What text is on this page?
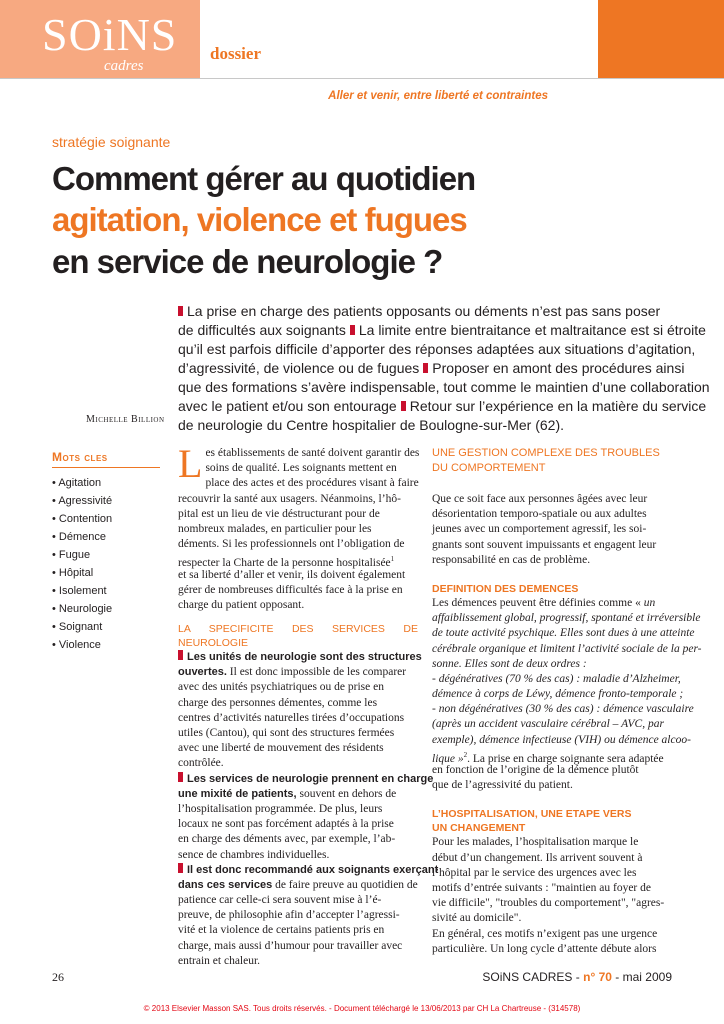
SOiNS
cadres
dossier
Aller et venir, entre liberté et contraintes
stratégie soignante
Comment gérer au quotidien
agitation, violence et fugues
en service de neurologie ?
La prise en charge des patients opposants ou déments n’est pas sans poser
de difficultés aux soignants La limite entre bientraitance et maltraitance est si étroite
qu’il est parfois difficile d’apporter des réponses adaptées aux situations d’agitation,
d’agressivité, de violence ou de fugues Proposer en amont des procédures ainsi
que des formations s’avère indispensable, tout comme le maintien d’une collaboration
avec le patient et/ou son entourage Retour sur l’expérience en la matière du service
de neurologie du Centre hospitalier de Boulogne-sur-Mer (62).
Michelle Billion
Mots cles
• Agitation
• Agressivité
• Contention
• Démence
• Fugue
• Hôpital
• Isolement
• Neurologie
• Soignant
• Violence
L es établissements de santé doivent garantir des
soins de qualité. Les soignants mettent en
place des actes et des procédures visant à faire
recouvrir la santé aux usagers. Néanmoins, l’hô-
pital est un lieu de vie déstructurant pour de
nombreux malades, en particulier pour les
déments. Si les professionnels ont l’obligation de
respecter la Charte de la personne hospitalisée$^1$
et sa liberté d’aller et venir, ils doivent également
gérer de nombreuses difficultés face à la prise en
charge du patient opposant.
LA SPECIFICITE DES SERVICES DE NEUROLOGIE
Les unités de neurologie sont des structures
ouvertes. Il est donc impossible de les comparer
avec des unités psychiatriques ou de prise en
charge des personnes démentes, comme les
centres d’activités naturelles tirées d’occupations
utiles (Cantou), qui sont des structures fermées
avec une liberté de mouvement des résidents
contrôlée.
Les services de neurologie prennent en charge
une mixité de patients, souvent en dehors de
l’hospitalisation programmée. De plus, leurs
locaux ne sont pas forcément adaptés à la prise
en charge des déments avec, par exemple, l’ab-
sence de chambres individuelles.
Il est donc recommandé aux soignants exerçant
dans ces services de faire preuve au quotidien de
patience car celle-ci sera souvent mise à l’é-
preuve, de philosophie afin d’accepter l’agressi-
vité et la violence de certains patients pris en
charge, mais aussi d’humour pour travailler avec
entrain et chaleur.
UNE GESTION COMPLEXE DES TROUBLES
DU COMPORTEMENT
Que ce soit face aux personnes âgées avec leur
désorientation temporo-spatiale ou aux adultes
jeunes avec un comportement agressif, les soi-
gnants sont souvent impuissants et engagent leur
responsabilité en cas de problème.
DEFINITION DES DEMENCES
Les démences peuvent être définies comme « un
affaiblissement global, progressif, spontané et irréversible
de toute activité psychique. Elles sont dues à une atteinte
cérébrale organique et limitent l’activité sociale de la per-
sonne. Elles sont de deux ordres :
- dégénératives (70 % des cas) : maladie d’Alzheimer,
démence à corps de Léwy, démence fronto-temporale ;
- non dégénératives (30 % des cas) : démence vasculaire
(après un accident vasculaire cérébral – AVC, par
exemple), démence infectieuse (VIH) ou démence alcoo-
lique »$^2$. La prise en charge soignante sera adaptée
en fonction de l’origine de la démence plutôt
que de l’agressivité du patient.
L’HOSPITALISATION, UNE ETAPE VERS
UN CHANGEMENT
Pour les malades, l’hospitalisation marque le
début d’un changement. Ils arrivent souvent à
l’hôpital par le service des urgences avec les
motifs d’entrée suivants : "maintien au foyer de
vie difficile", "troubles du comportement", "agres-
sivité au domicile".
En général, ces motifs n’exigent pas une urgence
particulière. Un long cycle d’attente débute alors
26	SOiNS CADRES - n° 70 - mai 2009
© 2013 Elsevier Masson SAS. Tous droits réservés. - Document téléchargé le 13/06/2013 par CH La Chartreuse - (314578)
